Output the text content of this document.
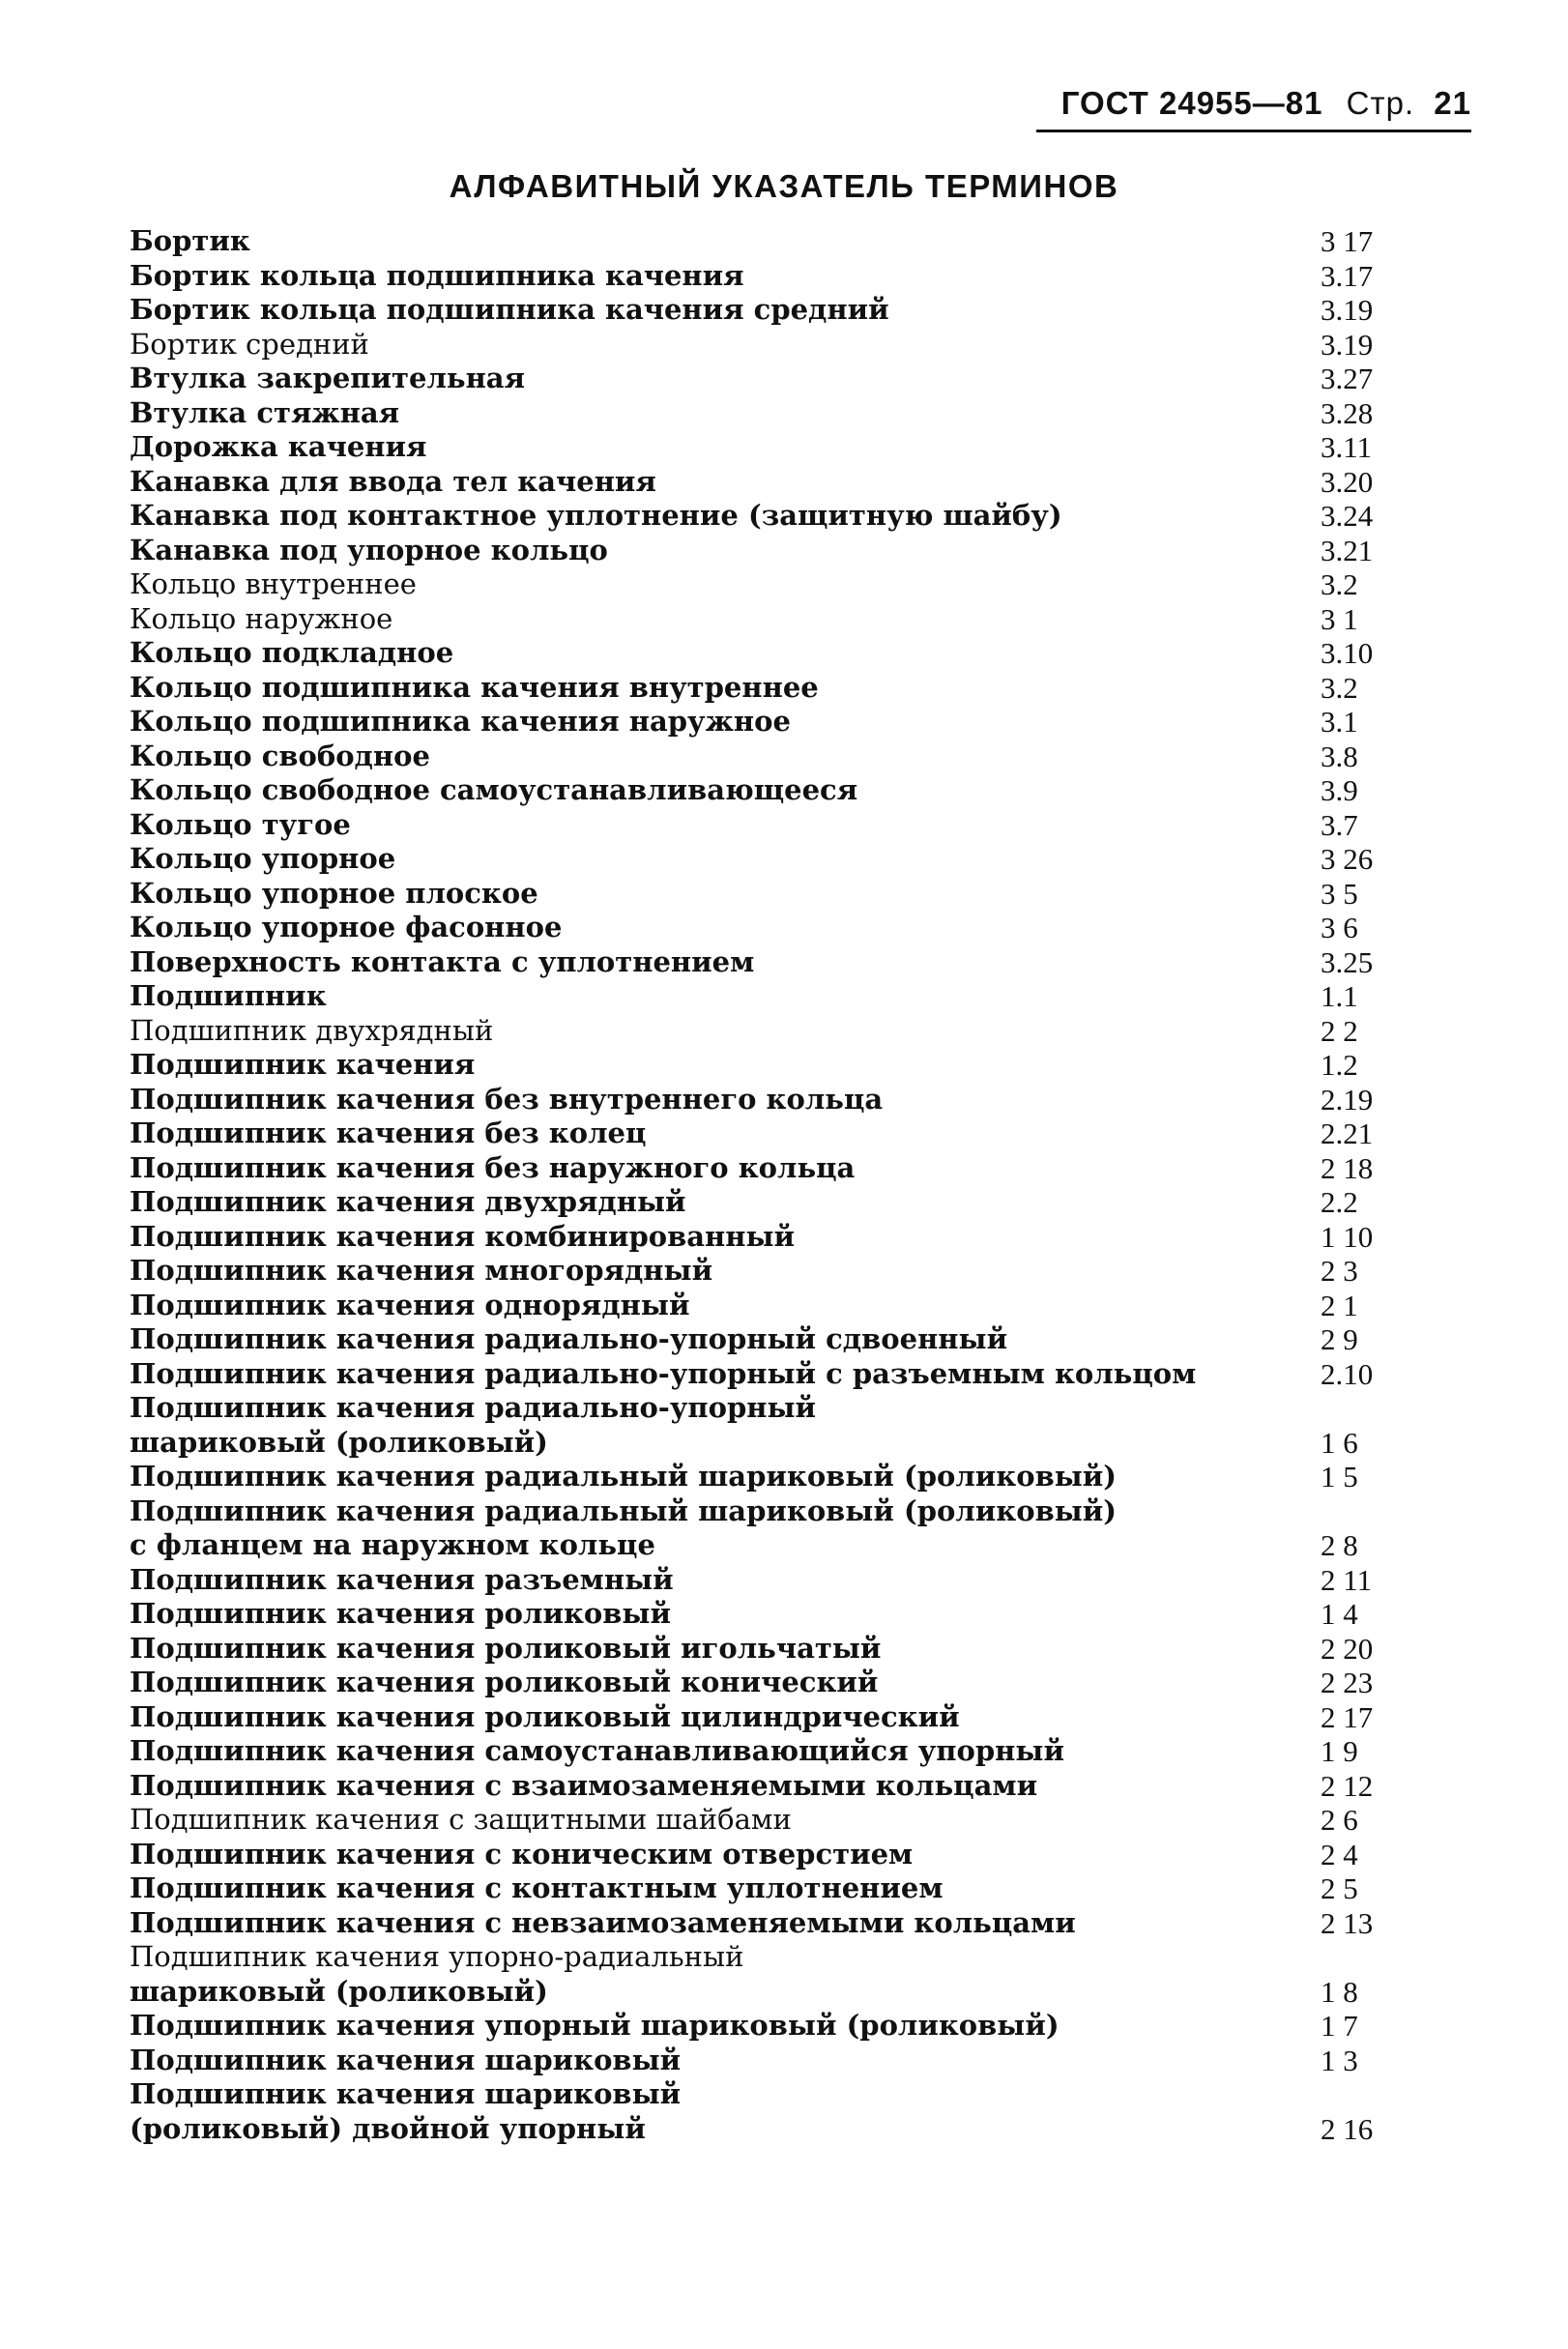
ГОСТ 24955—81 Стр. 21
АЛФАВИТНЫЙ УКАЗАТЕЛЬ ТЕРМИНОВ
Бортик	3 17
Бортик кольца подшипника качения	3.17
Бортик кольца подшипника качения средний	3.19
Бортик средний	3.19
Втулка закрепительная	3.27
Втулка стяжная	3.28
Дорожка качения	3.11
Канавка для ввода тел качения	3.20
Канавка под контактное уплотнение (защитную шайбу)	3.24
Канавка под упорное кольцо	3.21
Кольцо внутреннее	3.2
Кольцо наружное	3 1
Кольцо подкладное	3.10
Кольцо подшипника качения внутреннее	3.2
Кольцо подшипника качения наружное	3.1
Кольцо свободное	3.8
Кольцо свободное самоустанавливающееся	3.9
Кольцо тугое	3.7
Кольцо упорное	3 26
Кольцо упорное плоское	3 5
Кольцо упорное фасонное	3 6
Поверхность контакта с уплотнением	3.25
Подшипник	1.1
Подшипник двухрядный	2 2
Подшипник качения	1.2
Подшипник качения без внутреннего кольца	2.19
Подшипник качения без колец	2.21
Подшипник качения без наружного кольца	2 18
Подшипник качения двухрядный	2.2
Подшипник качения комбинированный	1 10
Подшипник качения многорядный	2 3
Подшипник качения однорядный	2 1
Подшипник качения радиально-упорный сдвоенный	2 9
Подшипник качения радиально-упорный с разъемным кольцом	2.10
Подшипник качения радиально-упорный
шариковый (роликовый)	1 6
Подшипник качения радиальный шариковый (роликовый)	1 5
Подшипник качения радиальный шариковый (роликовый)
с фланцем на наружном кольце	2 8
Подшипник качения разъемный	2 11
Подшипник качения роликовый	1 4
Подшипник качения роликовый игольчатый	2 20
Подшипник качения роликовый конический	2 23
Подшипник качения роликовый цилиндрический	2 17
Подшипник качения самоустанавливающийся упорный	1 9
Подшипник качения с взаимозаменяемыми кольцами	2 12
Подшипник качения с защитными шайбами	2 6
Подшипник качения с коническим отверстием	2 4
Подшипник качения с контактным уплотнением	2 5
Подшипник качения с невзаимозаменяемыми кольцами	2 13
Подшипник качения упорно-радиальный
шариковый (роликовый)	1 8
Подшипник качения упорный шариковый (роликовый)	1 7
Подшипник качения шариковый	1 3
Подшипник качения шариковый
(роликовый) двойной упорный	2 16
